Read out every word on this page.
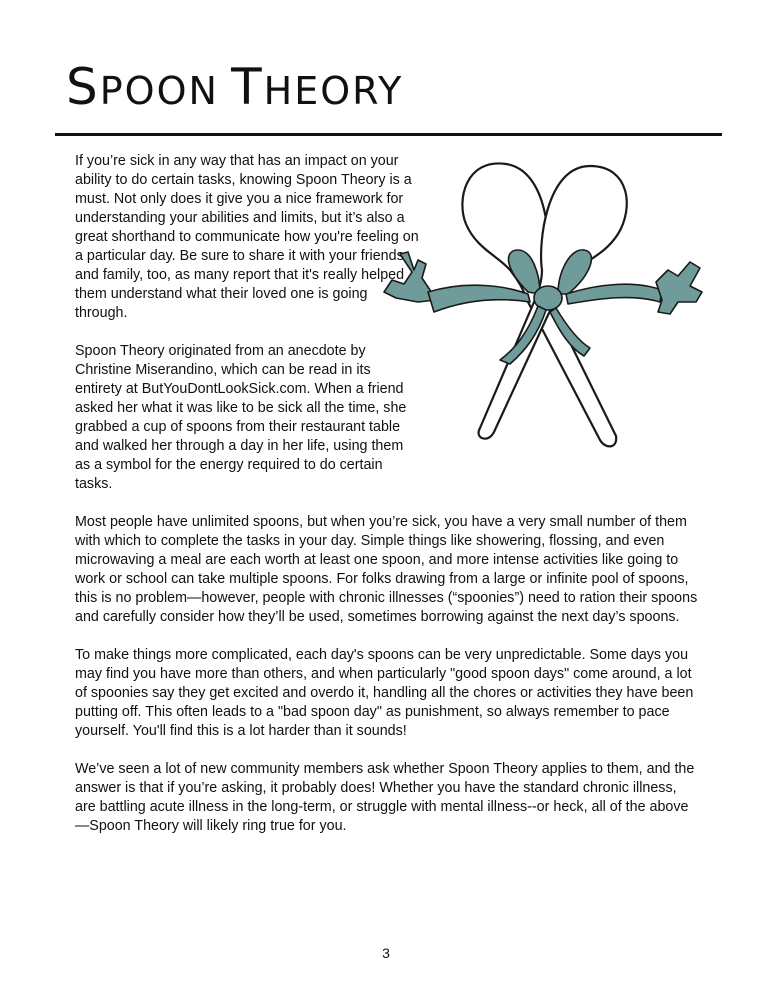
SPOON THEORY

If you’re sick in any way that has an impact on your ability to do certain tasks, knowing Spoon Theory is a must. Not only does it give you a nice framework for understanding your abilities and limits, but it’s also a great shorthand to communicate how you're feeling on a particular day. Be sure to share it with your friends and family, too, as many report that it's really helped them understand what their loved one is going through.

Spoon Theory originated from an anecdote by Christine Miserandino, which can be read in its entirety at ButYouDontLookSick.com. When a friend asked her what it was like to be sick all the time, she grabbed a cup of spoons from their restaurant table and walked her through a day in her life, using them as a symbol for the energy required to do certain tasks.

Most people have unlimited spoons, but when you’re sick, you have a very small number of them with which to complete the tasks in your day. Simple things like showering, flossing, and even microwaving a meal are each worth at least one spoon, and more intense activities like going to work or school can take multiple spoons. For folks drawing from a large or infinite pool of spoons, this is no problem—however, people with chronic illnesses (“spoonies”) need to ration their spoons and carefully consider how they’ll be used, sometimes borrowing against the next day’s spoons.

To make things more complicated, each day's spoons can be very unpredictable. Some days you may find you have more than others, and when particularly "good spoon days" come around, a lot of spoonies say they get excited and overdo it, handling all the chores or activities they have been putting off. This often leads to a "bad spoon day" as punishment, so always remember to pace yourself. You'll find this is a lot harder than it sounds!

We’ve seen a lot of new community members ask whether Spoon Theory applies to them, and the answer is that if you’re asking, it probably does! Whether you have the standard chronic illness, are battling acute illness in the long-term, or struggle with mental illness--or heck, all of the above—Spoon Theory will likely ring true for you.

3
